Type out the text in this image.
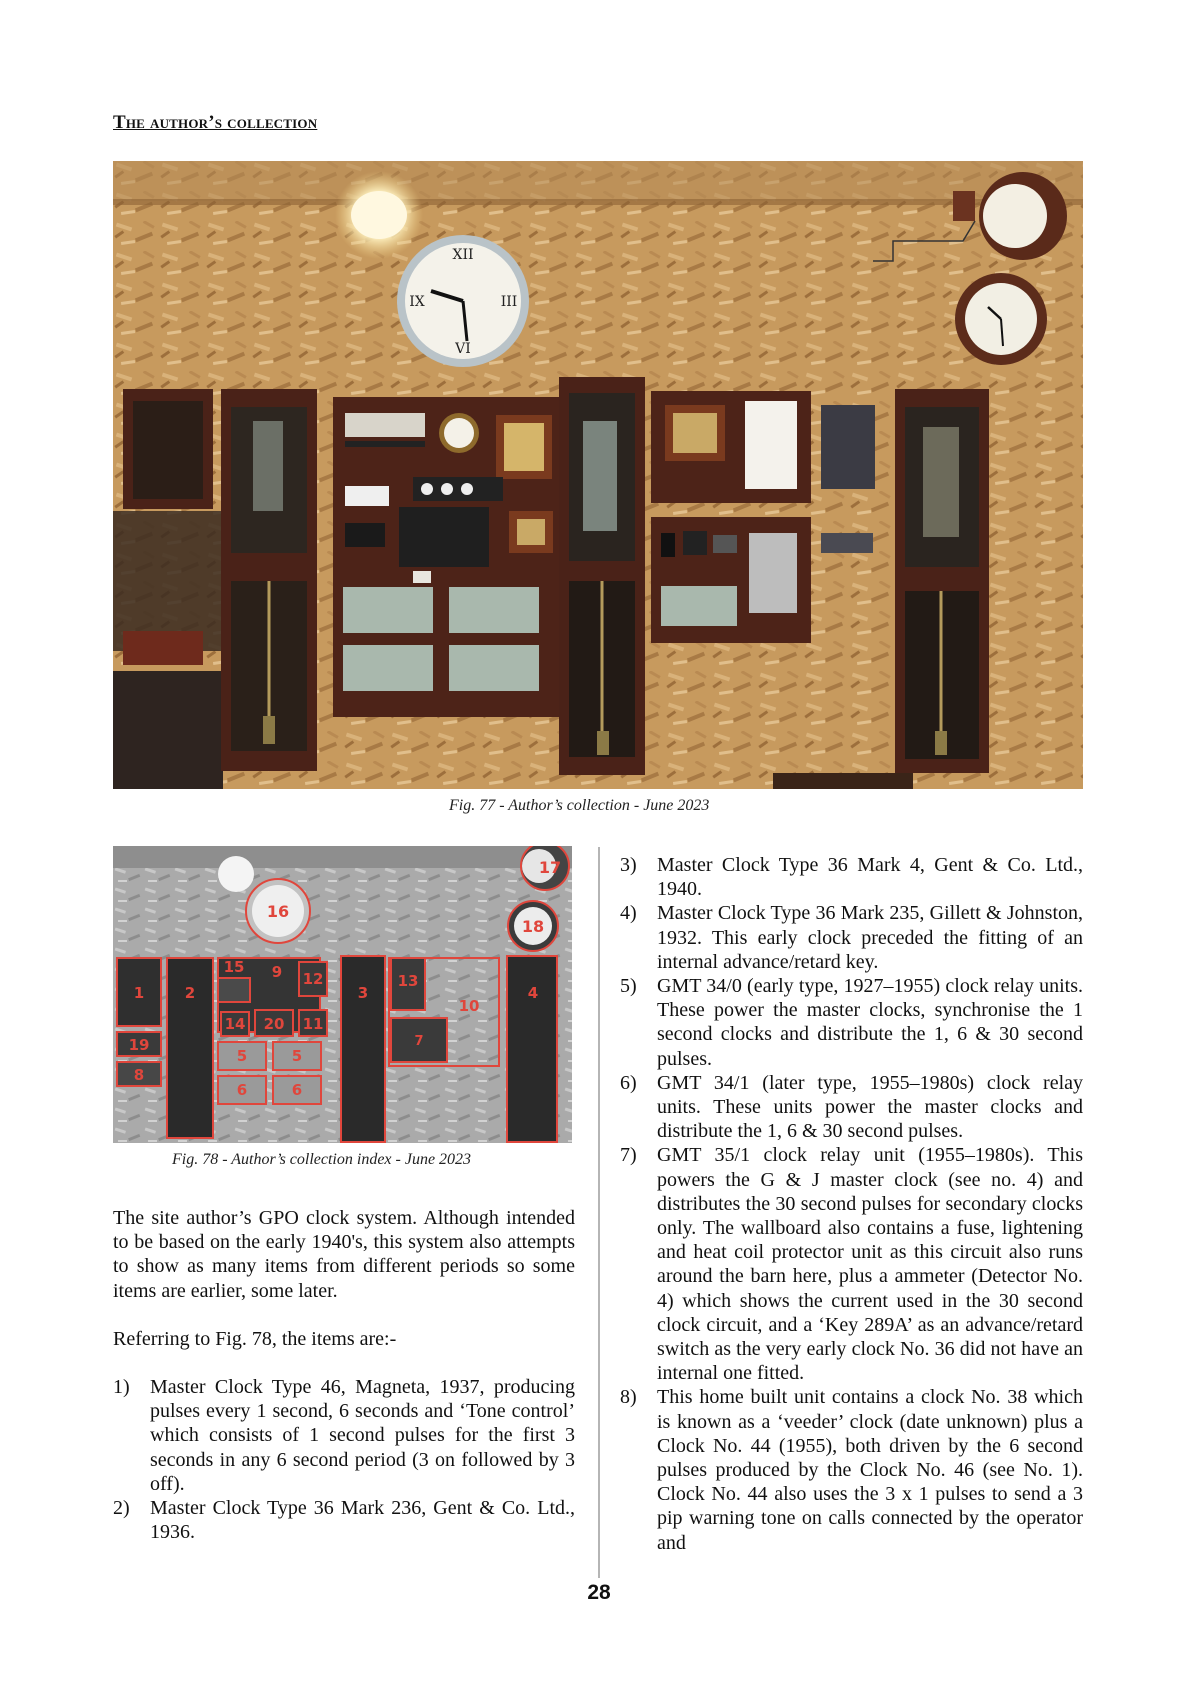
The author’s collection
XII
III
VI
IX
Fig. 77 - Author’s collection - June 2023
1	2	3	4
5	5
6	6
7
8
9
10
11
12	13
14
15
16
17
18
19
20
Fig. 78 - Author’s collection index - June 2023

The site author’s GPO clock system. Although intended to be based on the early 1940's, this system also attempts to show as many items from different periods so some items are earlier, some later.

Referring to Fig. 78, the items are:-

1) Master Clock Type 46, Magneta, 1937, producing pulses every 1 second, 6 seconds and ‘Tone control’ which consists of 1 second pulses for the first 3 seconds in any 6 second period (3 on followed by 3 off).
2) Master Clock Type 36 Mark 236, Gent & Co. Ltd., 1936.
3) Master Clock Type 36 Mark 4, Gent & Co. Ltd., 1940.
4) Master Clock Type 36 Mark 235, Gillett & Johnston, 1932. This early clock preceded the fitting of an internal advance/retard key.
5) GMT 34/0 (early type, 1927–1955) clock relay units. These power the master clocks, synchronise the 1 second clocks and distribute the 1, 6 & 30 second pulses.
6) GMT 34/1 (later type, 1955–1980s) clock relay units. These units power the master clocks and distribute the 1, 6 & 30 second pulses.
7) GMT 35/1 clock relay unit (1955–1980s). This powers the G & J master clock (see no. 4) and distributes the 30 second pulses for secondary clocks only. The wallboard also contains a fuse, lightening and heat coil protector unit as this circuit also runs around the barn here, plus a ammeter (Detector No. 4) which shows the current used in the 30 second clock circuit, and a ‘Key 289A’ as an advance/retard switch as the very early clock No. 36 did not have an internal one fitted.
8) This home built unit contains a clock No. 38 which is known as a ‘veeder’ clock (date unknown) plus a Clock No. 44 (1955), both driven by the 6 second pulses produced by the Clock No. 46 (see No. 1). Clock No. 44 also uses the 3 x 1 pulses to send a 3 pip warning tone on calls connected by the operator and
28
